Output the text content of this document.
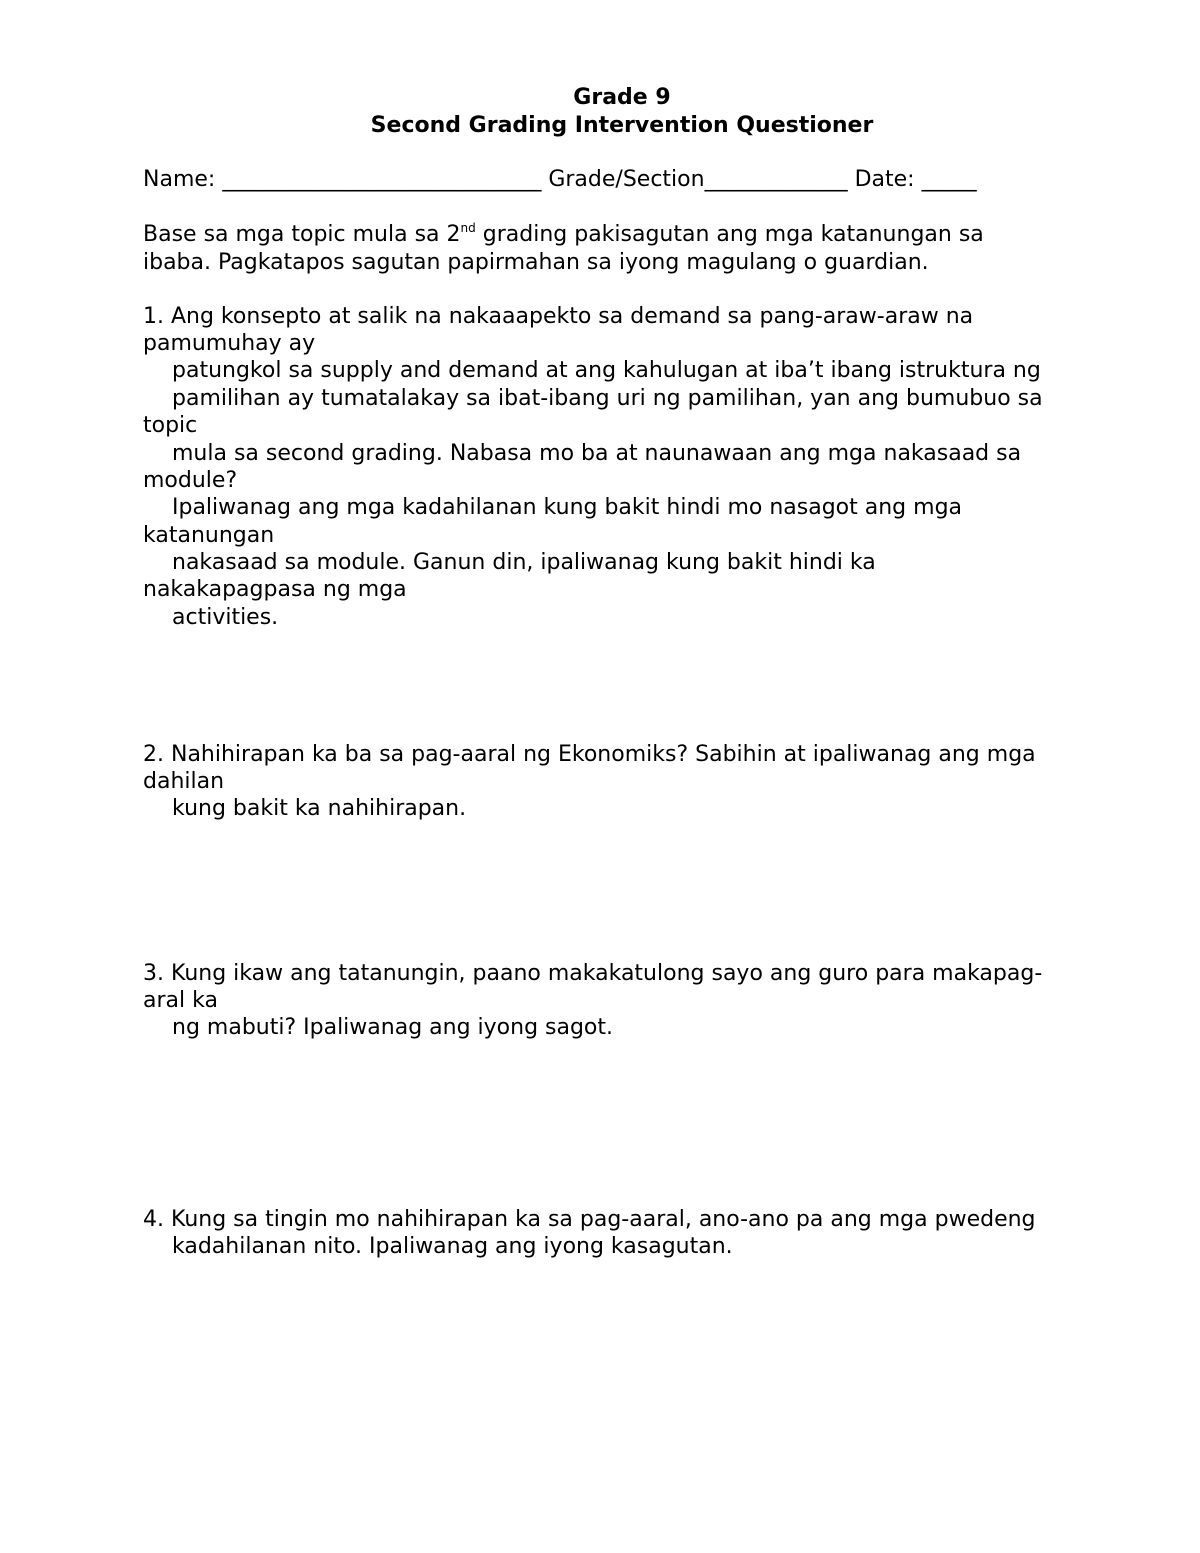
Grade 9
Second Grading Intervention Questioner
Name: _____________________________ Grade/Section_____________ Date: _____
Base sa mga topic mula sa 2nd grading pakisagutan ang mga katanungan sa
ibaba. Pagkatapos sagutan papirmahan sa iyong magulang o guardian.
1. Ang konsepto at salik na nakaaapekto sa demand sa pang-araw-araw na
pamumuhay ay
patungkol sa supply and demand at ang kahulugan at iba’t ibang istruktura ng
pamilihan ay tumatalakay sa ibat-ibang uri ng pamilihan, yan ang bumubuo sa
topic
mula sa second grading. Nabasa mo ba at naunawaan ang mga nakasaad sa
module?
Ipaliwanag ang mga kadahilanan kung bakit hindi mo nasagot ang mga
katanungan
nakasaad sa module. Ganun din, ipaliwanag kung bakit hindi ka
nakakapagpasa ng mga
activities.
2. Nahihirapan ka ba sa pag-aaral ng Ekonomiks? Sabihin at ipaliwanag ang mga
dahilan
kung bakit ka nahihirapan.
3. Kung ikaw ang tatanungin, paano makakatulong sayo ang guro para makapag-
aral ka
ng mabuti? Ipaliwanag ang iyong sagot.
4. Kung sa tingin mo nahihirapan ka sa pag-aaral, ano-ano pa ang mga pwedeng
kadahilanan nito. Ipaliwanag ang iyong kasagutan.
